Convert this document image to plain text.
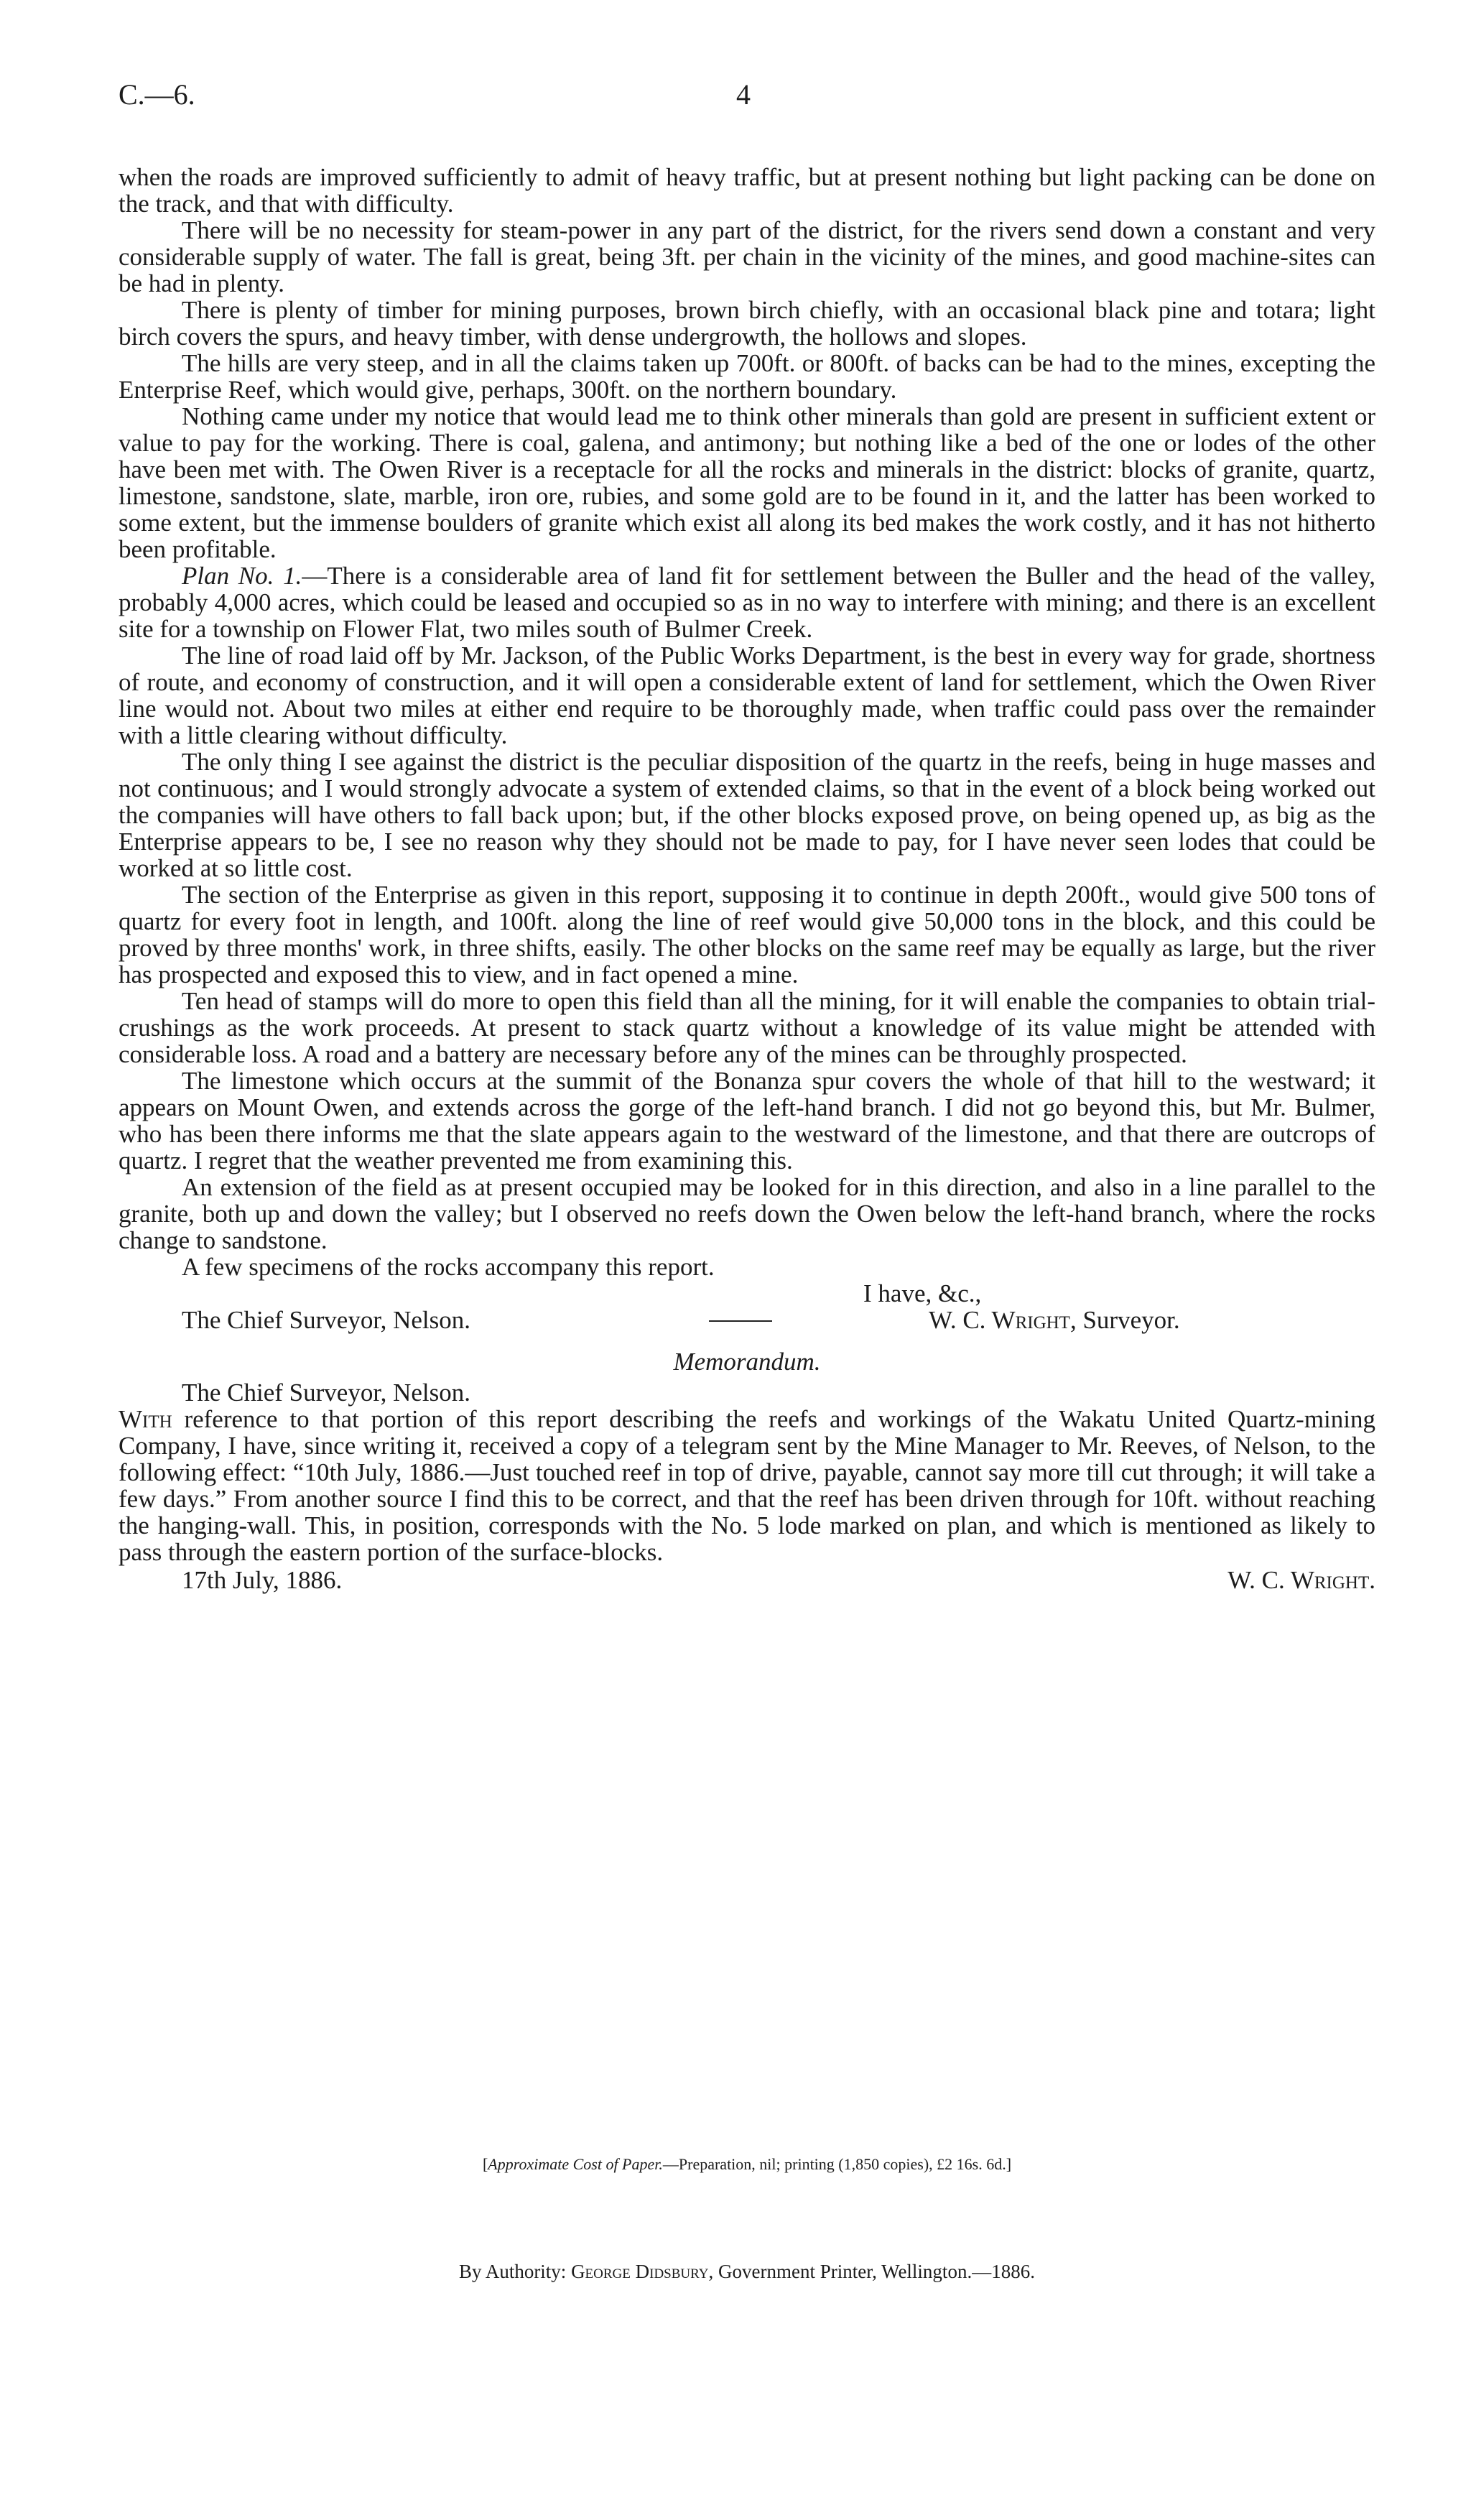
C.—6.	4

when the roads are improved sufficiently to admit of heavy traffic, but at present nothing but light packing can be done on the track, and that with difficulty.

There will be no necessity for steam-power in any part of the district, for the rivers send down a constant and very considerable supply of water. The fall is great, being 3ft. per chain in the vicinity of the mines, and good machine-sites can be had in plenty.

There is plenty of timber for mining purposes, brown birch chiefly, with an occasional black pine and totara; light birch covers the spurs, and heavy timber, with dense undergrowth, the hollows and slopes.

The hills are very steep, and in all the claims taken up 700ft. or 800ft. of backs can be had to the mines, excepting the Enterprise Reef, which would give, perhaps, 300ft. on the northern boundary.

Nothing came under my notice that would lead me to think other minerals than gold are present in sufficient extent or value to pay for the working. There is coal, galena, and antimony; but nothing like a bed of the one or lodes of the other have been met with. The Owen River is a receptacle for all the rocks and minerals in the district: blocks of granite, quartz, limestone, sandstone, slate, marble, iron ore, rubies, and some gold are to be found in it, and the latter has been worked to some extent, but the immense boulders of granite which exist all along its bed makes the work costly, and it has not hitherto been profitable.

Plan No. 1.—There is a considerable area of land fit for settlement between the Buller and the head of the valley, probably 4,000 acres, which could be leased and occupied so as in no way to interfere with mining; and there is an excellent site for a township on Flower Flat, two miles south of Bulmer Creek.

The line of road laid off by Mr. Jackson, of the Public Works Department, is the best in every way for grade, shortness of route, and economy of construction, and it will open a considerable extent of land for settlement, which the Owen River line would not. About two miles at either end require to be thoroughly made, when traffic could pass over the remainder with a little clearing without difficulty.

The only thing I see against the district is the peculiar disposition of the quartz in the reefs, being in huge masses and not continuous; and I would strongly advocate a system of extended claims, so that in the event of a block being worked out the companies will have others to fall back upon; but, if the other blocks exposed prove, on being opened up, as big as the Enterprise appears to be, I see no reason why they should not be made to pay, for I have never seen lodes that could be worked at so little cost.

The section of the Enterprise as given in this report, supposing it to continue in depth 200ft., would give 500 tons of quartz for every foot in length, and 100ft. along the line of reef would give 50,000 tons in the block, and this could be proved by three months' work, in three shifts, easily. The other blocks on the same reef may be equally as large, but the river has prospected and exposed this to view, and in fact opened a mine.

Ten head of stamps will do more to open this field than all the mining, for it will enable the companies to obtain trial-crushings as the work proceeds. At present to stack quartz without a knowledge of its value might be attended with considerable loss. A road and a battery are necessary before any of the mines can be throughly prospected.

The limestone which occurs at the summit of the Bonanza spur covers the whole of that hill to the westward; it appears on Mount Owen, and extends across the gorge of the left-hand branch. I did not go beyond this, but Mr. Bulmer, who has been there informs me that the slate appears again to the westward of the limestone, and that there are outcrops of quartz. I regret that the weather prevented me from examining this.

An extension of the field as at present occupied may be looked for in this direction, and also in a line parallel to the granite, both up and down the valley; but I observed no reefs down the Owen below the left-hand branch, where the rocks change to sandstone.

A few specimens of the rocks accompany this report.

I have, &c.,

The Chief Surveyor, Nelson.	W. C. Wright, Surveyor.

Memorandum.

The Chief Surveyor, Nelson.

With reference to that portion of this report describing the reefs and workings of the Wakatu United Quartz-mining Company, I have, since writing it, received a copy of a telegram sent by the Mine Manager to Mr. Reeves, of Nelson, to the following effect: “10th July, 1886.—Just touched reef in top of drive, payable, cannot say more till cut through; it will take a few days.” From another source I find this to be correct, and that the reef has been driven through for 10ft. without reaching the hanging-wall. This, in position, corresponds with the No. 5 lode marked on plan, and which is mentioned as likely to pass through the eastern portion of the surface-blocks.

17th July, 1886.	W. C. Wright.
[Approximate Cost of Paper.—Preparation, nil; printing (1,850 copies), £2 16s. 6d.]
By Authority: George Didsbury, Government Printer, Wellington.—1886.
